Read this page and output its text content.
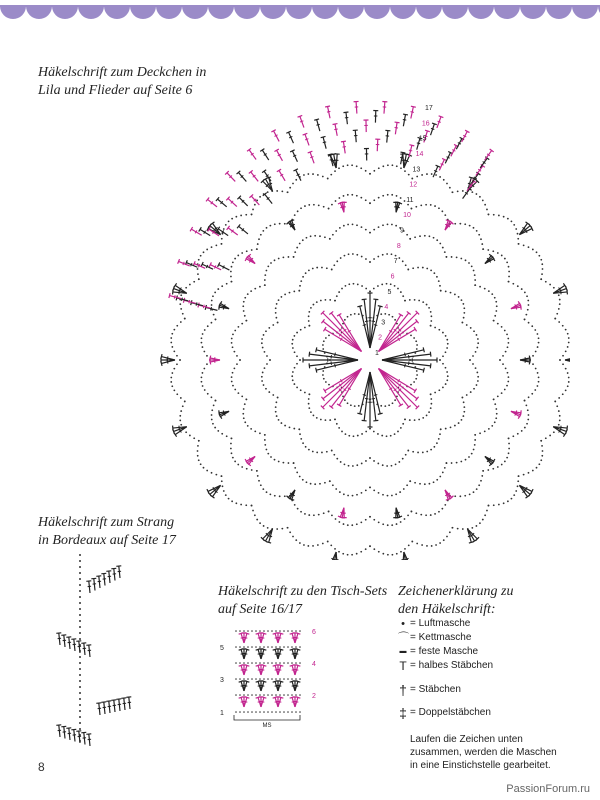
Häkelschrift zum Deckchen in
Lila und Flieder auf Seite 6
17
16
15
14
13
12
11
10
9
8
7
6
5
4
3
2
1
Häkelschrift zum Strang
in Bordeaux auf Seite 17
Häkelschrift zu den Tisch-Sets
auf Seite 16/17
1
2
3
4
5
6
MS
Zeichenerklärung zu
den Häkelschrift:
• = Luftmasche
⌒ = Kettmasche
▬ = feste Masche
T = halbes Stäbchen
† = Stäbchen
‡ = Doppelstäbchen
Laufen die Zeichen unten zusammen, werden die Maschen in eine Einstichstelle gearbeitet.
8
PassionForum.ru
